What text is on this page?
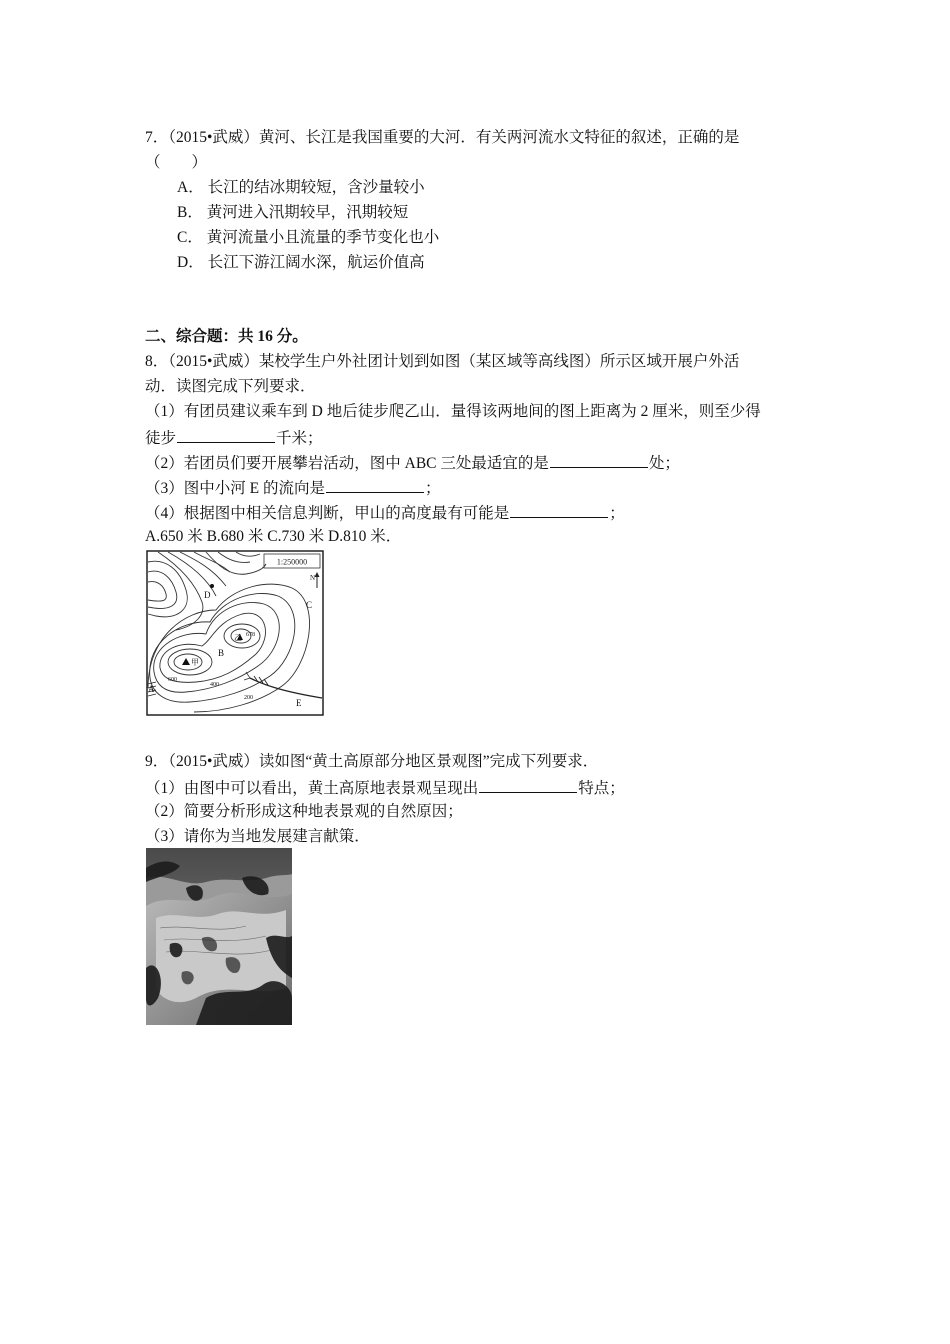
7．（2015•武威）黄河、长江是我国重要的大河．有关两河流水文特征的叙述，正确的是
（　　）
A． 长江的结冰期较短，含沙量较小
B． 黄河进入汛期较早，汛期较短
C． 黄河流量小且流量的季节变化也小
D． 长江下游江阔水深，航运价值高
二、综合题：共 16 分。
8．（2015•武威）某校学生户外社团计划到如图（某区域等高线图）所示区域开展户外活
动．读图完成下列要求．
（1）有团员建议乘车到 D 地后徒步爬乙山．量得该两地间的图上距离为 2 厘米，则至少得
徒步	千米；
（2）若团员们要开展攀岩活动，图中 ABC 三处最适宜的是	处；
（3）图中小河 E 的流向是	；
（4）根据图中相关信息判断，甲山的高度最有可能是	；
A.650 米 B.680 米 C.730 米 D.810 米．
1:250000
N
甲
乙 678
D
C
B
A
E
600
400
200
9．（2015•武威）读如图“黄土高原部分地区景观图”完成下列要求．
（1）由图中可以看出，黄土高原地表景观呈现出	特点；
（2）简要分析形成这种地表景观的自然原因；
（3）请你为当地发展建言献策．
